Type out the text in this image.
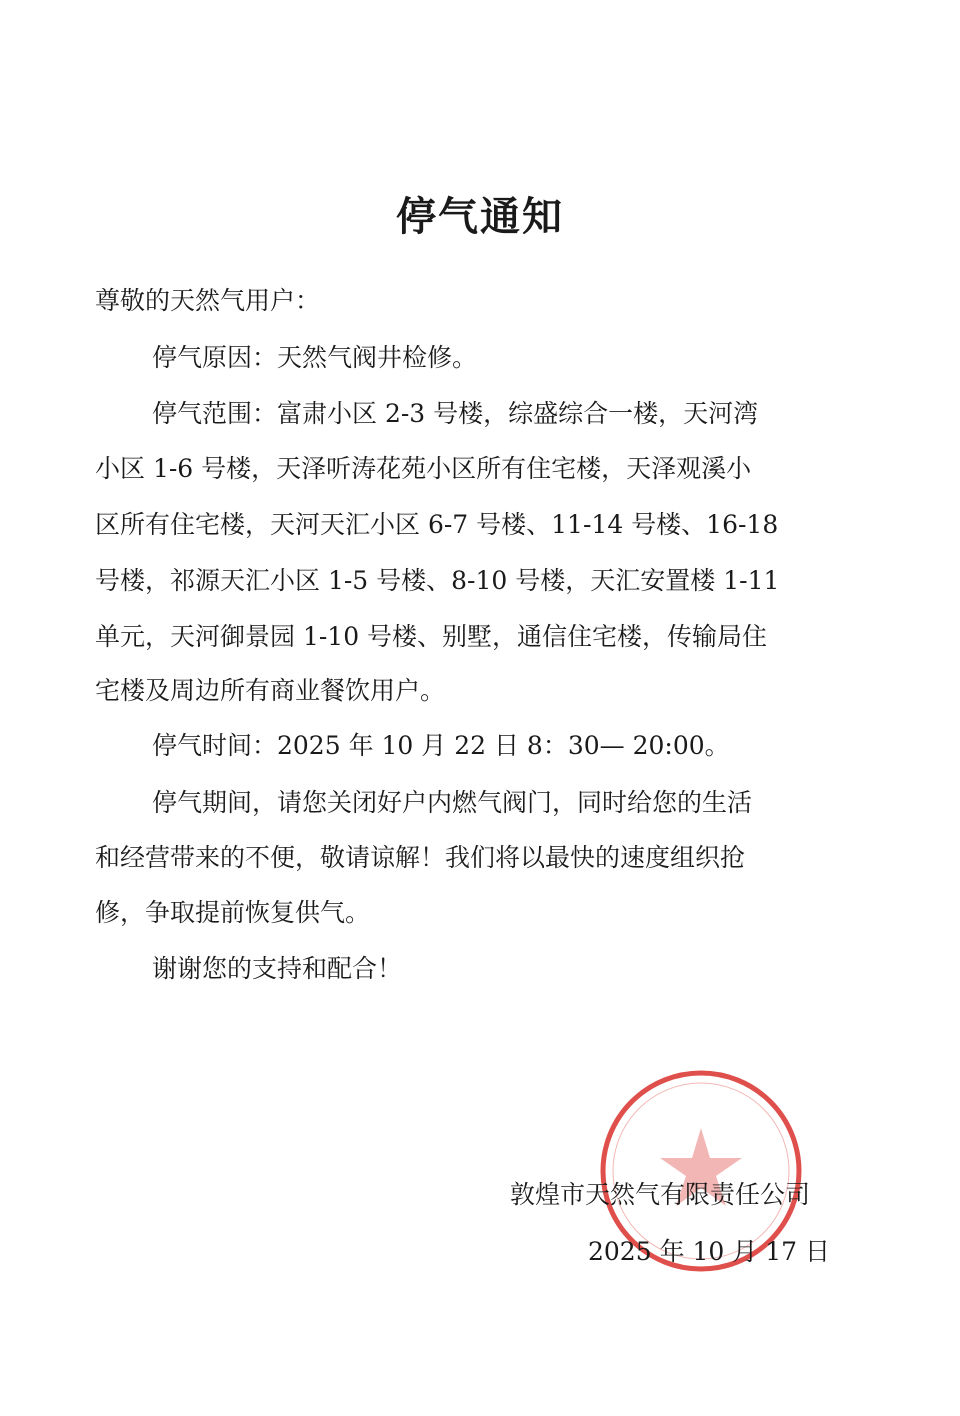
停气通知
尊敬的天然气用户：
停气原因：天然气阀井检修。
停气范围：富肃小区 2-3 号楼，综盛综合一楼，天河湾
小区 1-6 号楼，天泽听涛花苑小区所有住宅楼，天泽观溪小
区所有住宅楼，天河天汇小区 6-7 号楼、11-14 号楼、16-18
号楼，祁源天汇小区 1-5 号楼、8-10 号楼，天汇安置楼 1-11
单元，天河御景园 1-10 号楼、别墅，通信住宅楼，传输局住
宅楼及周边所有商业餐饮用户。
停气时间：2025 年 10 月 22 日 8：30— 20:00。
停气期间，请您关闭好户内燃气阀门，同时给您的生活
和经营带来的不便，敬请谅解！我们将以最快的速度组织抢
修，争取提前恢复供气。
谢谢您的支持和配合！
敦煌市天然气有限责任公司
2025 年 10 月 17 日
